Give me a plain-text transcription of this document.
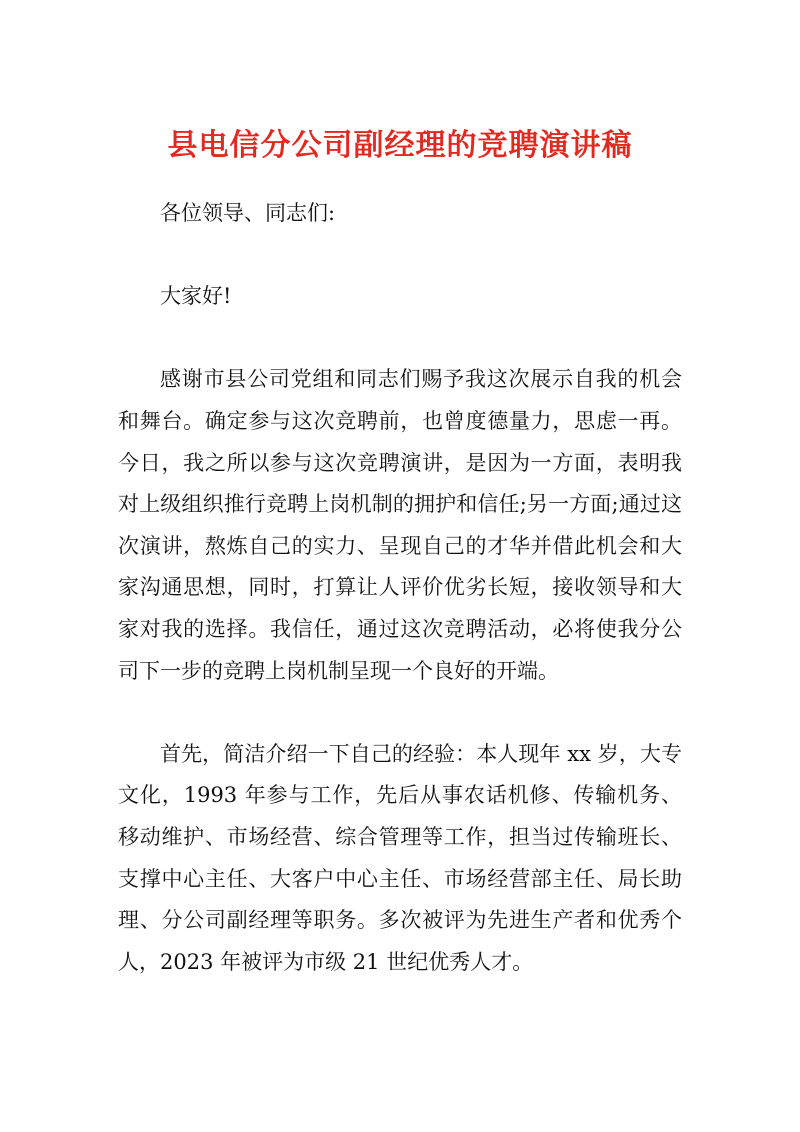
县电信分公司副经理的竞聘演讲稿

各位领导、同志们:

大家好!

感谢市县公司党组和同志们赐予我这次展示自我的机会和舞台。确定参与这次竞聘前，也曾度德量力，思虑一再。今日，我之所以参与这次竞聘演讲，是因为一方面，表明我对上级组织推行竞聘上岗机制的拥护和信任;另一方面;通过这次演讲，熬炼自己的实力、呈现自己的才华并借此机会和大家沟通思想，同时，打算让人评价优劣长短，接收领导和大家对我的选择。我信任，通过这次竞聘活动，必将使我分公司下一步的竞聘上岗机制呈现一个良好的开端。

首先，简洁介绍一下自己的经验：本人现年 xx 岁，大专文化，1993 年参与工作，先后从事农话机修、传输机务、移动维护、市场经营、综合管理等工作，担当过传输班长、支撑中心主任、大客户中心主任、市场经营部主任、局长助理、分公司副经理等职务。多次被评为先进生产者和优秀个人，2023 年被评为市级 21 世纪优秀人才。
